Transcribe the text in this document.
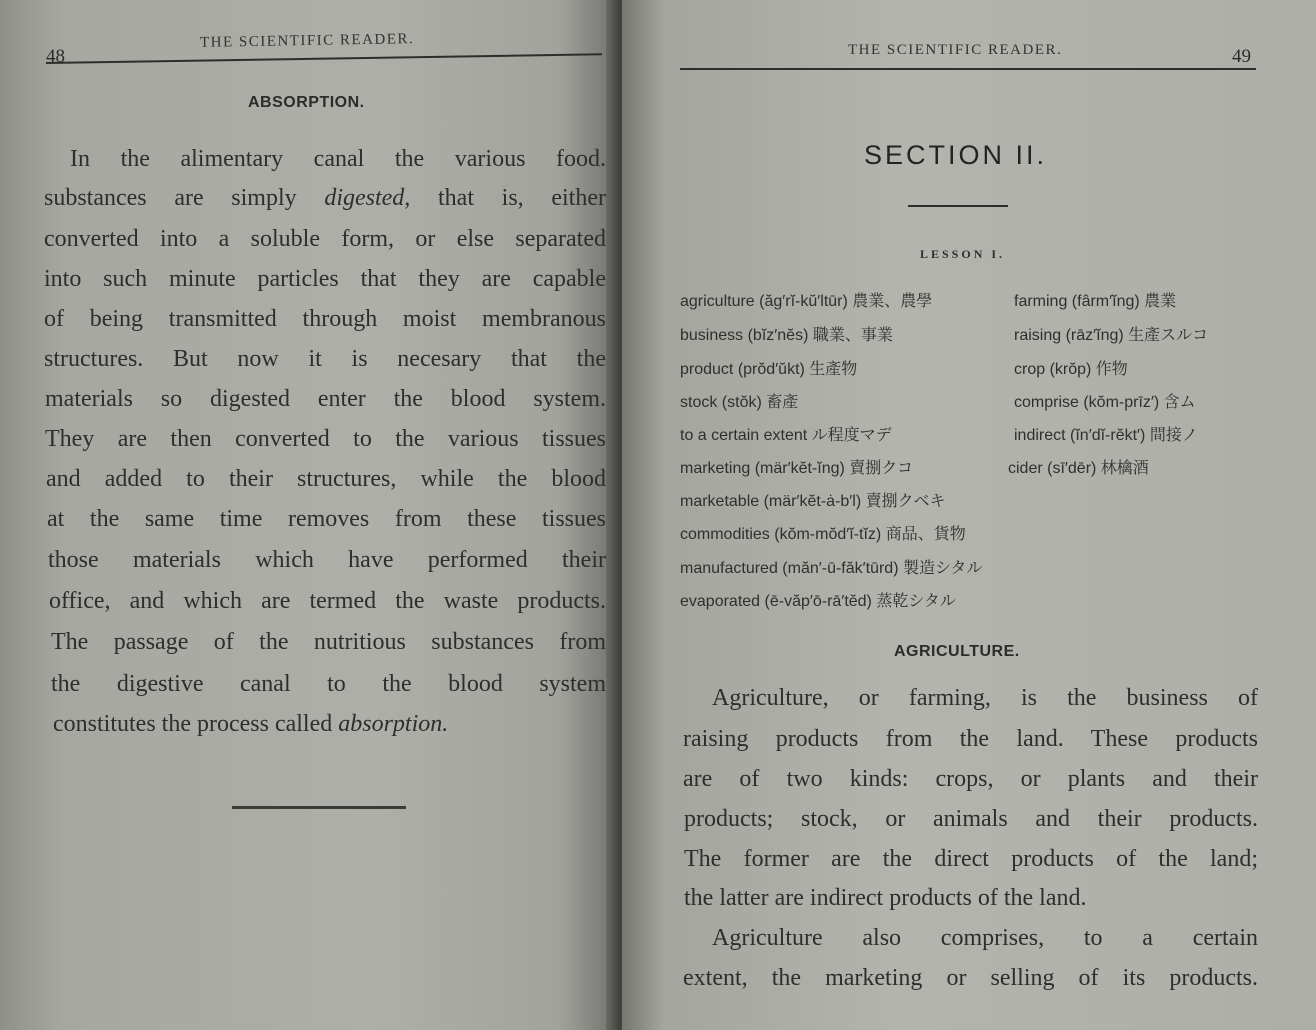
48
THE SCIENTIFIC READER.
ABSORPTION.
In the alimentary canal the various food.
substances are simply digested, that is, either
converted into a soluble form, or else separated
into such minute particles that they are capable
of being transmitted through moist membranous
structures. But now it is necesary that the
materials so digested enter the blood system.
They are then converted to the various tissues
and added to their structures, while the blood
at the same time removes from these tissues
those materials which have performed their
office, and which are termed the waste products.
The passage of the nutritious substances from
the digestive canal to the blood system
constitutes the process called absorption.
THE SCIENTIFIC READER.	49
SECTION II.
LESSON I.
agriculture (ăg′rĭ-kŭ′ltūr) 農業、農學
business (bĭz′nĕs) 職業、事業
product (prŏd′ŭkt) 生產物
stock (stŏk) 畜產
to a certain extent ル程度マデ
marketing (mär′kĕt-ĭng) 賣捌クコ
marketable (mär′kĕt-ȧ-b′l) 賣捌クベキ
commodities (kŏm-mŏd′ĭ-tĭz) 商品、貨物
manufactured (măn′-ū-făk′tūrd) 製造シタル
evaporated (ē-văp′ō-rā′tĕd) 蒸乾シタル
farming (fârm′ĭng) 農業
raising (rāz′ĭng) 生產スルコ
crop (krŏp) 作物
comprise (kŏm-prīz′) 含ム
indirect (ĭn′dĭ-rĕkt′) 間接ノ
cider (sī′dēr) 林檎酒
AGRICULTURE.
Agriculture, or farming, is the business of
raising products from the land. These products
are of two kinds: crops, or plants and their
products; stock, or animals and their products.
The former are the direct products of the land;
the latter are indirect products of the land.
Agriculture also comprises, to a certain
extent, the marketing or selling of its products.
